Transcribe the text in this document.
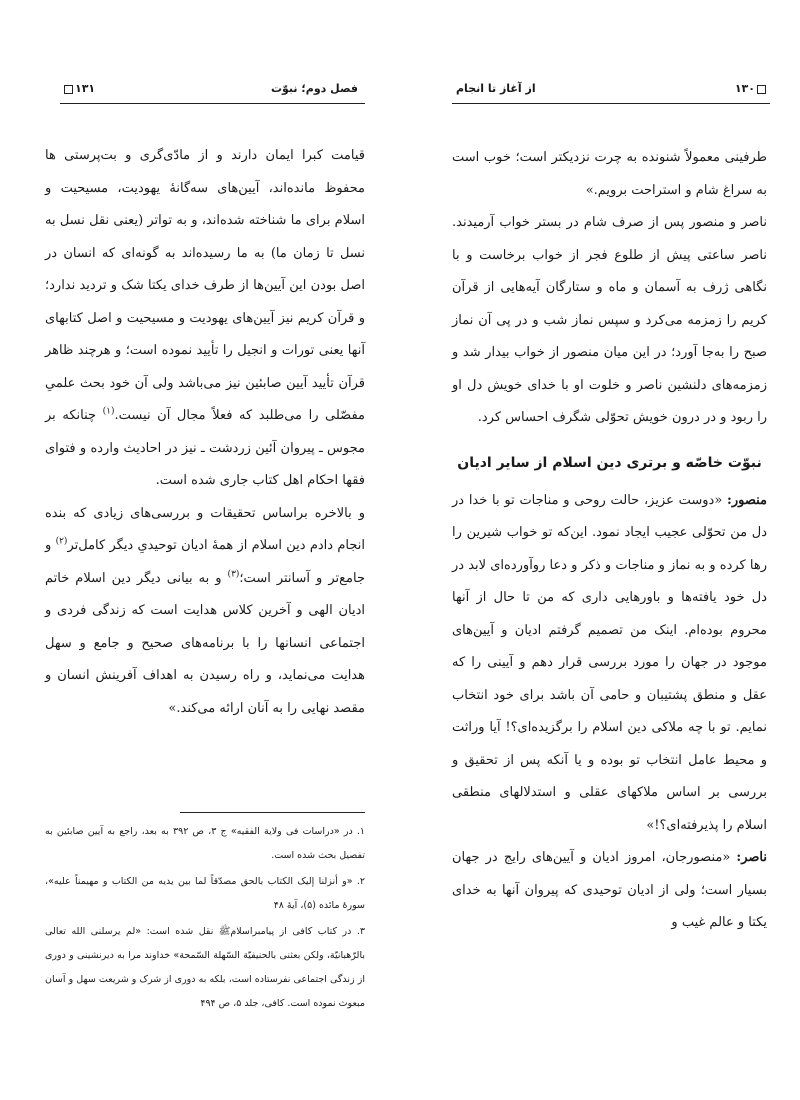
۱۳۱	فصل دوم؛ نبوّت

قیامت کبرا ایمان دارند و از مادّی‌گری و بت‌پرستی ها محفوظ مانده‌اند، آیین‌های سه‌گانهٔ یهودیت، مسیحیت و اسلام برای ما شناخته شده‌اند، و به تواتر (یعنی نقل نسل به نسل تا زمان ما) به ما رسیده‌اند به گونه‌ای که انسان در اصل بودن این آیین‌ها از طرف خدای یکتا شک و تردید ندارد؛ و قرآن کریم نیز آیین‌های یهودیت و مسیحیت و اصل کتابهای آنها یعنی تورات و انجیل را تأیید نموده است؛ و هرچند ظاهر قرآن تأیید آیین صابئین نیز می‌باشد ولی آن خود بحث علمیِ مفصّلی را می‌طلبد که فعلاً مجال آن نیست.$^{(۱)}$ چنانکه بر مجوس ـ پیروان آئین زردشت ـ نیز در احادیث وارده و فتوای فقها احکام اهل کتاب جاری شده است.

و بالاخره براساس تحقیقات و بررسی‌های زیادی که بنده انجام دادم دین اسلام از همهٔ ادیان توحیدیِ دیگر کامل‌تر$^{(۲)}$ و جامع‌تر و آسانتر است؛$^{(۳)}$ و به بیانی دیگر دین اسلام خاتم ادیان الهی و آخرین کلاس هدایت است که زندگی فردی و اجتماعی انسانها را با برنامه‌های صحیح و جامع و سهل هدایت می‌نماید، و راه رسیدن به اهداف آفرینش انسان و مقصد نهایی را به آنان ارائه می‌کند.»

۱. در «دراسات فی ولایة الفقیه» ج ۳، ص ۳۹۲ به بعد، راجع به آیین صابئین به تفصیل بحث شده است.

۲. «و أنزلنا إلیک الکتاب بالحق مصدّقاً لما بین یدیه من الکتاب و مهیمناً علیه»، سورهٔ مائده (۵)، آیهٔ ۴۸

۳. در کتاب کافی از پیامبراسلامﷺ نقل شده است: «لم یرسلنی الله تعالی بالرّهبانیّة، ولکن بعثنی بالحنیفیّة السّهلة السّمحة» خداوند مرا به دیرنشینی و دوری از زندگی اجتماعی نفرستاده است، بلکه به دوری از شرک و شریعت سهل و آسان مبعوث نموده است. کافی، جلد ۵، ص ۴۹۴

از آغاز تا انجام	۱۳۰

طرفینی معمولاً شنونده به چرت نزدیکتر است؛ خوب است به سراغ شام و استراحت برویم.»

ناصر و منصور پس از صرف شام در بستر خواب آرمیدند. ناصر ساعتی پیش از طلوع فجر از خواب برخاست و با نگاهی ژرف به آسمان و ماه و ستارگان آیه‌هایی از قرآن کریم را زمزمه می‌کرد و سپس نماز شب و در پی آن نماز صبح را به‌جا آورد؛ در این میان منصور از خواب بیدار شد و زمزمه‌های دلنشین ناصر و خلوت او با خدای خویش دل او را ربود و در درون خویش تحوّلی شگرف احساس کرد.

نبوّت خاصّه و برتری دین اسلام از سایر ادیان

منصور: «دوست عزیز، حالت روحی و مناجات تو با خدا در دل من تحوّلی عجیب ایجاد نمود. این‌که تو خواب شیرین را رها کرده و به نماز و مناجات و ذکر و دعا روآورده‌ای لابد در دل خود یافته‌ها و باورهایی داری که من تا حال از آنها محروم بوده‌ام. اینک من تصمیم گرفتم ادیان و آیین‌های موجود در جهان را مورد بررسی قرار دهم و آیینی را که عقل و منطق پشتیبان و حامی آن باشد برای خود انتخاب نمایم. تو با چه ملاکی دین اسلام را برگزیده‌ای؟! آیا وراثت و محیط عامل انتخاب تو بوده و یا آنکه پس از تحقیق و بررسی بر اساس ملاکهای عقلی و استدلالهای منطقی اسلام را پذیرفته‌ای؟!»

ناصر: «منصورجان، امروز ادیان و آیین‌های رایج در جهان بسیار است؛ ولی از ادیان توحیدی که پیروان آنها به خدای یکتا و عالم غیب و
